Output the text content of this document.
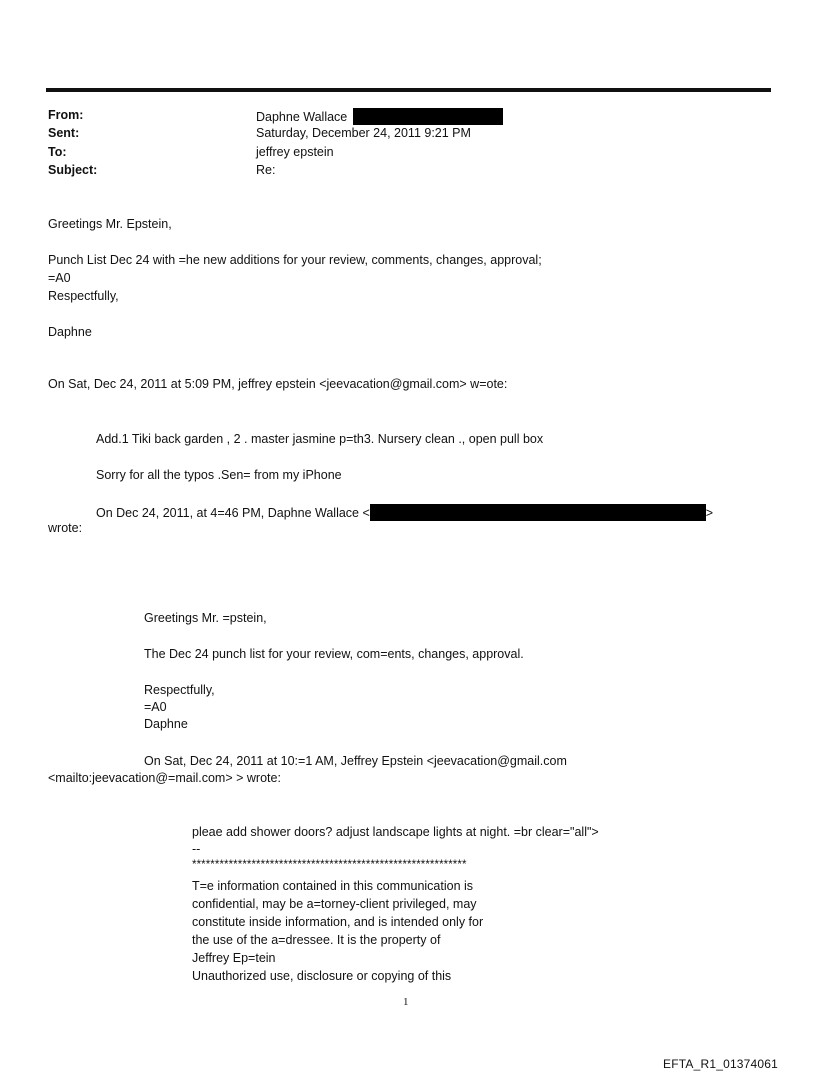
From:	Daphne Wallace
Sent:	Saturday, December 24, 2011 9:21 PM
To:	jeffrey epstein
Subject:	Re:
Greetings Mr. Epstein,
Punch List Dec 24 with =he new additions for your review, comments, changes, approval;
=A0
Respectfully,
Daphne
On Sat, Dec 24, 2011 at 5:09 PM, jeffrey epstein <jeevacation@gmail.com> w=ote:
Add.1 Tiki back garden , 2 . master jasmine p=th3. Nursery clean ., open pull box
Sorry for all the typos .Sen= from my iPhone
On Dec 24, 2011, at 4=46 PM, Daphne Wallace <	>
wrote:
Greetings Mr. =pstein,
The Dec 24 punch list for your review, com=ents, changes, approval.
Respectfully,
=A0
Daphne
On Sat, Dec 24, 2011 at 10:=1 AM, Jeffrey Epstein <jeevacation@gmail.com
<mailto:jeevacation@=mail.com> > wrote:
pleae add shower doors? adjust landscape lights at night. =br clear="all">
--
************************************************************
T=e information contained in this communication is
confidential, may be a=torney-client privileged, may
constitute inside information, and is intended only for
the use of the a=dressee. It is the property of
Jeffrey Ep=tein
Unauthorized use, disclosure or copying of this
1
EFTA_R1_01374061
